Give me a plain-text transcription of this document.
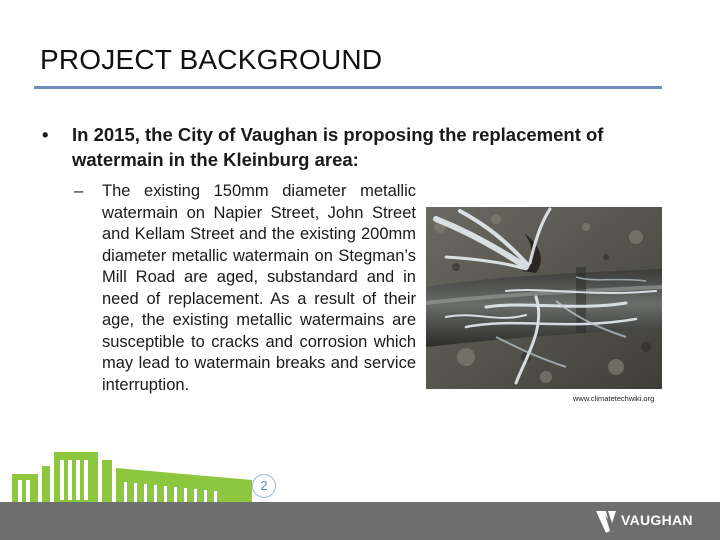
PROJECT BACKGROUND
•	In 2015, the City of Vaughan is proposing the replacement of watermain in the Kleinburg area:
–	The existing 150mm diameter metallic watermain on Napier Street, John Street and Kellam Street and the existing 200mm diameter metallic watermain on Stegman’s Mill Road are aged, substandard and in need of replacement. As a result of their age, the existing metallic watermains are susceptible to cracks and corrosion which may lead to watermain breaks and service interruption.
www.climatetechwiki.org
2
VAUGHAN
